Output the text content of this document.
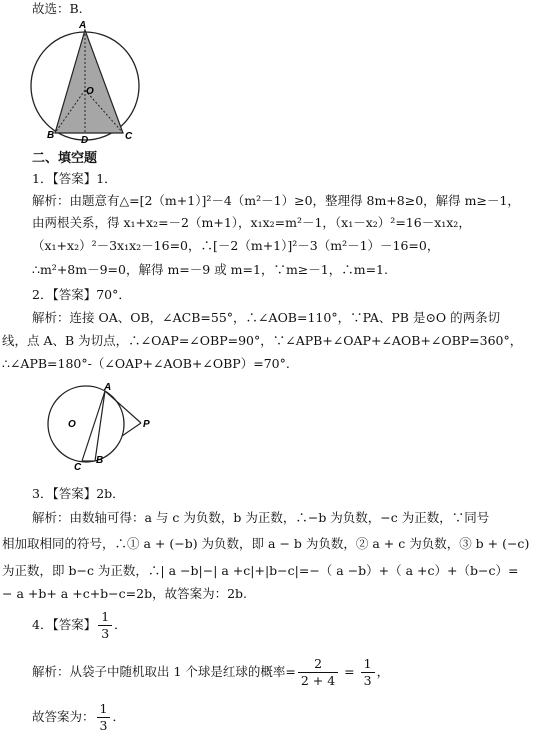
故选：B.
A
O
B	D	C
二、填空题
1．【答案】1．
解析：由题意有△=[2（m+1）]²－4（m²－1）≥0，整理得 8m+8≥0，解得 m≥－1，
由两根关系，得 x₁+x₂=－2（m+1），x₁x₂=m²－1，（x₁－x₂）²=16－x₁x₂，
（x₁+x₂）²－3x₁x₂－16=0，∴[－2（m+1）]²－3（m²－1）－16=0，
∴m²+8m－9=0，解得 m=－9 或 m=1，∵m≥－1，∴m=1.
2．【答案】70°．
解析：连接 OA、OB，∠ACB=55°，∴∠AOB=110°，∵PA、PB 是⊙O 的两条切
线，点 A、B 为切点，∴∠OAP=∠OBP=90°，∵∠APB+∠OAP+∠AOB+∠OBP=360°，
∴∠APB=180°-（∠OAP+∠AOB+∠OBP）=70°.
A
O	P
C
B
3．【答案】2b．
解析：由数轴可得：a 与 c 为负数，b 为正数，∴−b 为负数，−c 为正数，∵同号
相加取相同的符号，∴① a + (−b) 为负数，即 a − b 为负数，② a + c 为负数，③ b + (−c)
为正数，即 b−c 为正数，∴| a −b|−| a +c|+|b−c|=−（ a −b）+（ a +c）+（b−c）=
− a +b+ a +c+b−c=2b，故答案为：2b.
4．【答案】 $\frac{1}{3}$ ．
解析：从袋子中随机取出 1 个球是红球的概率= $\frac{2}{2 + 4} = \frac{1}{3}$ ，
故答案为： $\frac{1}{3}$ ．
